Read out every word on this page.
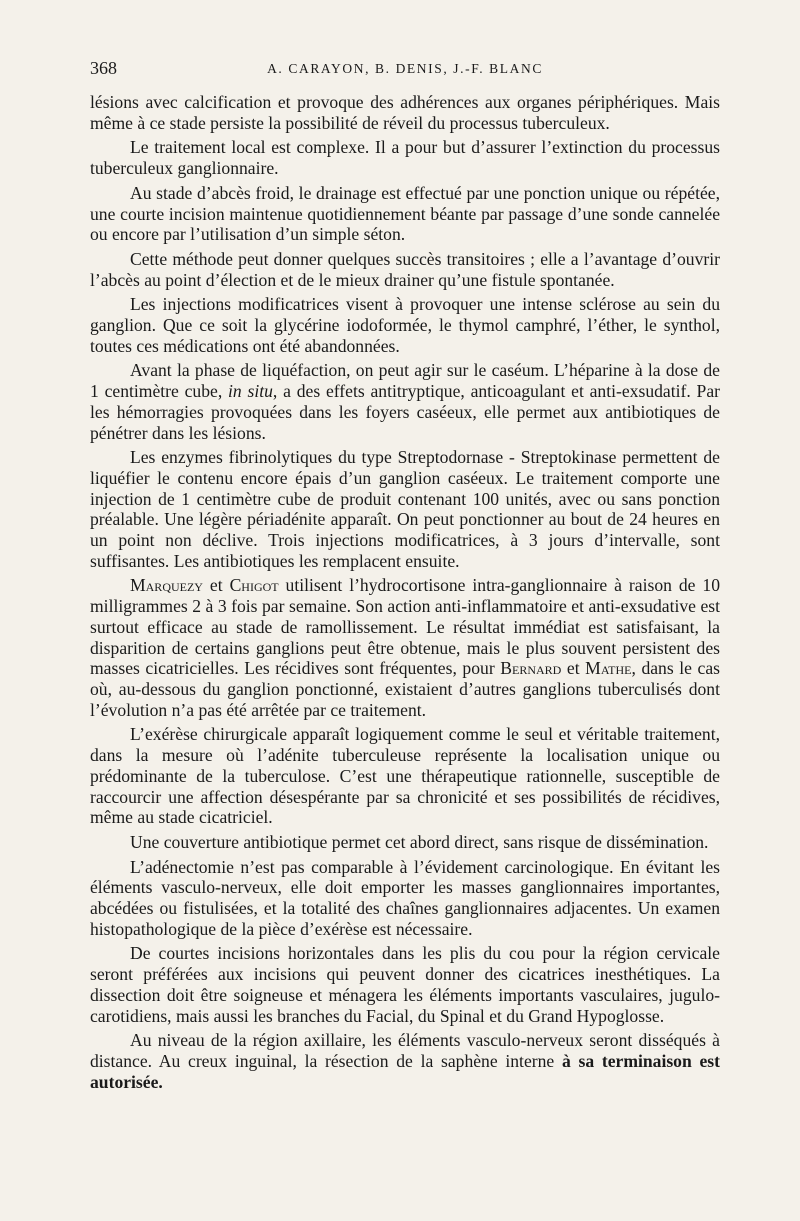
368	A. CARAYON, B. DENIS, J.-F. BLANC

lésions avec calcification et provoque des adhérences aux organes périphériques. Mais même à ce stade persiste la possibilité de réveil du processus tuberculeux.

Le traitement local est complexe. Il a pour but d’assurer l’extinction du processus tuberculeux ganglionnaire.

Au stade d’abcès froid, le drainage est effectué par une ponction unique ou répétée, une courte incision maintenue quotidiennement béante par passage d’une sonde cannelée ou encore par l’utilisation d’un simple séton.

Cette méthode peut donner quelques succès transitoires ; elle a l’avantage d’ouvrir l’abcès au point d’élection et de le mieux drainer qu’une fistule spontanée.

Les injections modificatrices visent à provoquer une intense sclérose au sein du ganglion. Que ce soit la glycérine iodoformée, le thymol camphré, l’éther, le synthol, toutes ces médications ont été abandonnées.

Avant la phase de liquéfaction, on peut agir sur le caséum. L’héparine à la dose de 1 centimètre cube, in situ, a des effets antitryptique, anticoagulant et anti-exsudatif. Par les hémorragies provoquées dans les foyers caséeux, elle permet aux antibiotiques de pénétrer dans les lésions.

Les enzymes fibrinolytiques du type Streptodornase - Streptokinase permettent de liquéfier le contenu encore épais d’un ganglion caséeux. Le traitement comporte une injection de 1 centimètre cube de produit contenant 100 unités, avec ou sans ponction préalable. Une légère périadénite apparaît. On peut ponctionner au bout de 24 heures en un point non déclive. Trois injections modificatrices, à 3 jours d’intervalle, sont suffisantes. Les antibiotiques les remplacent ensuite.

Marquezy et Chigot utilisent l’hydrocortisone intra-ganglionnaire à raison de 10 milligrammes 2 à 3 fois par semaine. Son action anti-inflammatoire et anti-exsudative est surtout efficace au stade de ramollissement. Le résultat immédiat est satisfaisant, la disparition de certains ganglions peut être obtenue, mais le plus souvent persistent des masses cicatricielles. Les récidives sont fréquentes, pour Bernard et Mathe, dans le cas où, au-dessous du ganglion ponctionné, existaient d’autres ganglions tuberculisés dont l’évolution n’a pas été arrêtée par ce traitement.

L’exérèse chirurgicale apparaît logiquement comme le seul et véritable traitement, dans la mesure où l’adénite tuberculeuse représente la localisation unique ou prédominante de la tuberculose. C’est une thérapeutique rationnelle, susceptible de raccourcir une affection désespérante par sa chronicité et ses possibilités de récidives, même au stade cicatriciel.

Une couverture antibiotique permet cet abord direct, sans risque de dissémination.

L’adénectomie n’est pas comparable à l’évidement carcinologique. En évitant les éléments vasculo-nerveux, elle doit emporter les masses ganglionnaires importantes, abcédées ou fistulisées, et la totalité des chaînes ganglionnaires adjacentes. Un examen histopathologique de la pièce d’exérèse est nécessaire.

De courtes incisions horizontales dans les plis du cou pour la région cervicale seront préférées aux incisions qui peuvent donner des cicatrices inesthétiques. La dissection doit être soigneuse et ménagera les éléments importants vasculaires, jugulo-carotidiens, mais aussi les branches du Facial, du Spinal et du Grand Hypoglosse.

Au niveau de la région axillaire, les éléments vasculo-nerveux seront disséqués à distance. Au creux inguinal, la résection de la saphène interne à sa terminaison est autorisée.
